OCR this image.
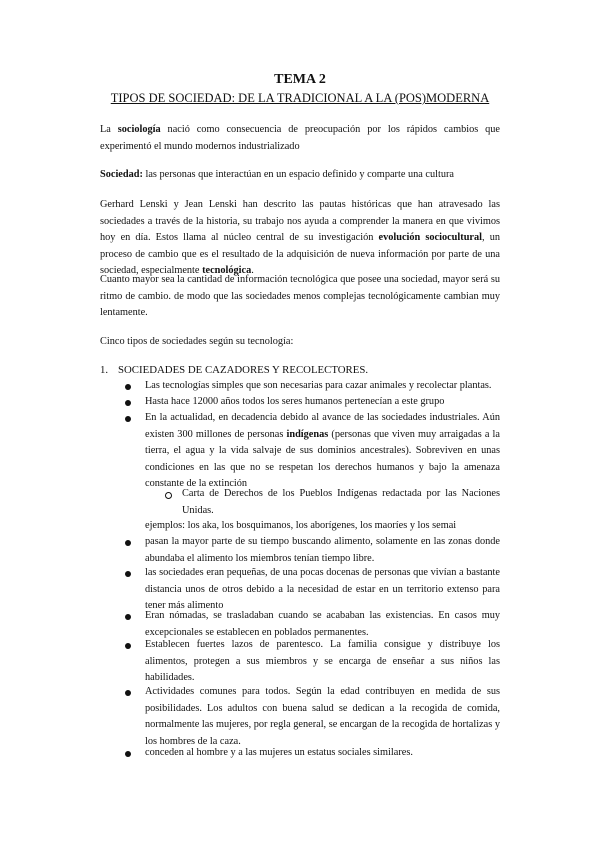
TEMA 2
TIPOS DE SOCIEDAD: DE LA TRADICIONAL A LA (POS)MODERNA
La sociología nació como consecuencia de preocupación por los rápidos cambios que experimentó el mundo modernos industrializado
Sociedad: las personas que interactúan en un espacio definido y comparte una cultura
Gerhard Lenski y Jean Lenski han descrito las pautas históricas que han atravesado las sociedades a través de la historia, su trabajo nos ayuda a comprender la manera en que vivimos hoy en día. Estos llama al núcleo central de su investigación evolución sociocultural, un proceso de cambio que es el resultado de la adquisición de nueva información por parte de una sociedad, especialmente tecnológica.
Cuanto mayor sea la cantidad de información tecnológica que posee una sociedad, mayor será su ritmo de cambio. de modo que las sociedades menos complejas tecnológicamente cambian muy lentamente.
Cinco tipos de sociedades según su tecnología:
1. SOCIEDADES DE CAZADORES Y RECOLECTORES.
Las tecnologías simples que son necesarias para cazar animales y recolectar plantas.
Hasta hace 12000 años todos los seres humanos pertenecían a este grupo
En la actualidad, en decadencia debido al avance de las sociedades industriales. Aún existen 300 millones de personas indígenas (personas que viven muy arraigadas a la tierra, el agua y la vida salvaje de sus dominios ancestrales). Sobreviven en unas condiciones en las que no se respetan los derechos humanos y bajo la amenaza constante de la extinción
Carta de Derechos de los Pueblos Indígenas redactada por las Naciones Unidas.
ejemplos: los aka, los bosquimanos, los aborígenes, los maoríes y los semai
pasan la mayor parte de su tiempo buscando alimento, solamente en las zonas donde abundaba el alimento los miembros tenían tiempo libre.
las sociedades eran pequeñas, de una pocas docenas de personas que vivían a bastante distancia unos de otros debido a la necesidad de estar en un territorio extenso para tener más alimento
Eran nómadas, se trasladaban cuando se acababan las existencias. En casos muy excepcionales se establecen en poblados permanentes.
Establecen fuertes lazos de parentesco. La familia consigue y distribuye los alimentos, protegen a sus miembros y se encarga de enseñar a sus niños las habilidades.
Actividades comunes para todos. Según la edad contribuyen en medida de sus posibilidades. Los adultos con buena salud se dedican a la recogida de comida, normalmente las mujeres, por regla general, se encargan de la recogida de hortalizas y los hombres de la caza.
conceden al hombre y a las mujeres un estatus sociales similares.
